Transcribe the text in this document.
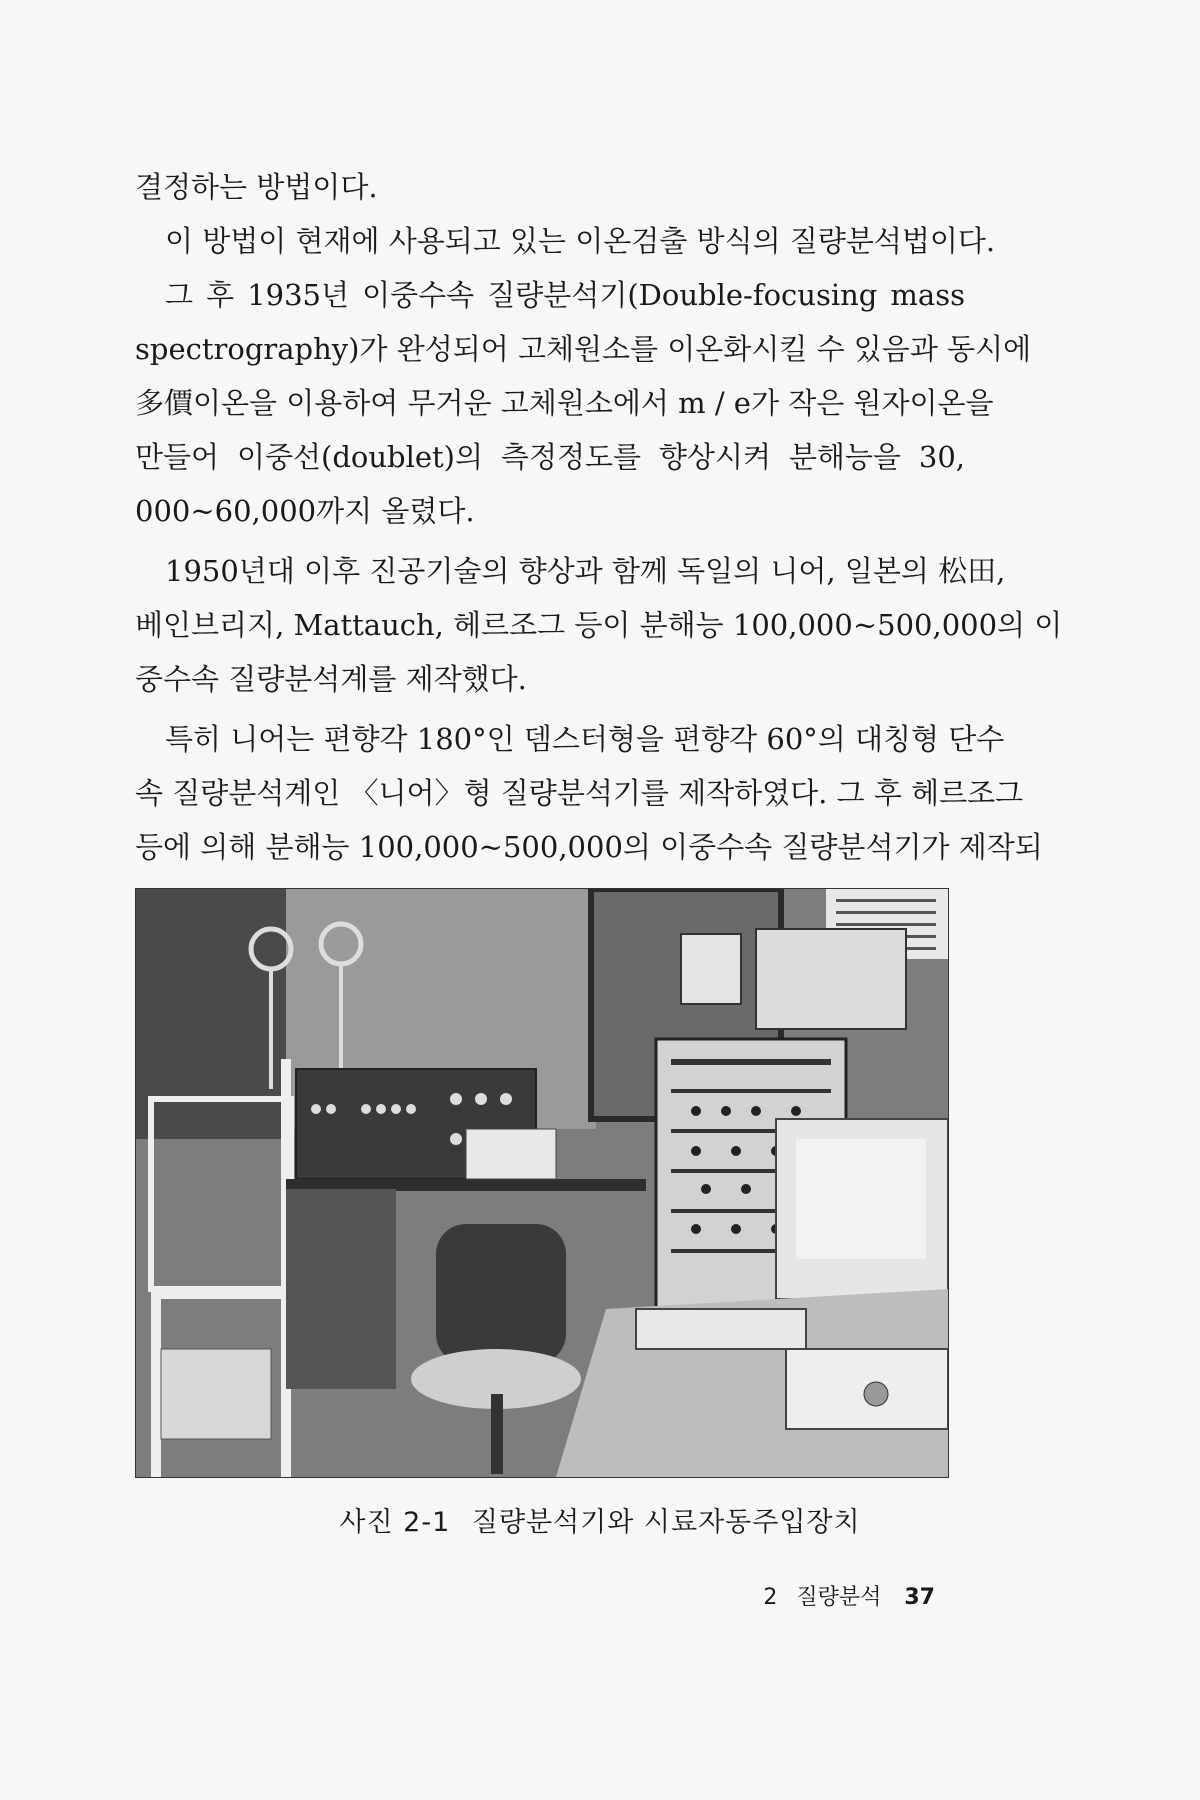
결정하는 방법이다.

이 방법이 현재에 사용되고 있는 이온검출 방식의 질량분석법이다.

그 후 1935년 이중수속 질량분석기(Double-focusing mass

spectrography)가 완성되어 고체원소를 이온화시킬 수 있음과 동시에

多價이온을 이용하여 무거운 고체원소에서 m / e가 작은 원자이온을

만들어 이중선(doublet)의 측정정도를 향상시켜 분해능을 30,

000~60,000까지 올렸다.

1950년대 이후 진공기술의 향상과 함께 독일의 니어, 일본의 松田,

베인브리지, Mattauch, 헤르조그 등이 분해능 100,000~500,000의 이

중수속 질량분석계를 제작했다.

특히 니어는 편향각 180°인 뎀스터형을 편향각 60°의 대칭형 단수

속 질량분석계인 〈니어〉형 질량분석기를 제작하였다. 그 후 헤르조그

등에 의해 분해능 100,000~500,000의 이중수속 질량분석기가 제작되

사진 2-1 질량분석기와 시료자동주입장치
2 질량분석 37
